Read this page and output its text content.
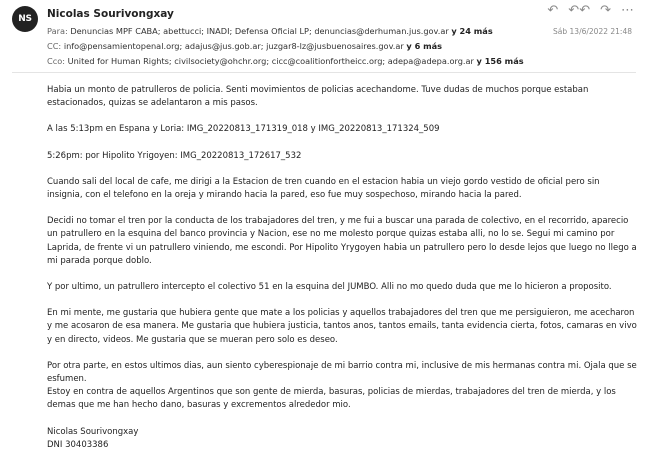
NS	Nicolas Sourivongxay	↶ ↶↶ ↷ ⋯
Sáb 13/6/2022 21:48
Para: Denuncias MPF CABA; abettucci; INADI; Defensa Oficial LP; denuncias@derhuman.jus.gov.ar y 24 más
CC: info@pensamientopenal.org; adajus@jus.gob.ar; juzgar8-lz@jusbuenosaires.gov.ar y 6 más
Cco: United for Human Rights; civilsociety@ohchr.org; cicc@coalitionfortheicc.org; adepa@adepa.org.ar y 156 más

Habia un monto de patrulleros de policia. Senti movimientos de policias acechandome. Tuve dudas de muchos porque estaban estacionados, quizas se adelantaron a mis pasos.

A las 5:13pm en Espana y Loria: IMG_20220813_171319_018 y IMG_20220813_171324_509

5:26pm: por Hipolito Yrigoyen: IMG_20220813_172617_532

Cuando sali del local de cafe, me dirigi a la Estacion de tren cuando en el estacion habia un viejo gordo vestido de oficial pero sin insignia, con el telefono en la oreja y mirando hacia la pared, eso fue muy sospechoso, mirando hacia la pared.

Decidi no tomar el tren por la conducta de los trabajadores del tren, y me fui a buscar una parada de colectivo, en el recorrido, aparecio un patrullero en la esquina del banco provincia y Nacion, ese no me molesto porque quizas estaba alli, no lo se. Segui mi camino por Laprida, de frente vi un patrullero viniendo, me escondi. Por Hipolito Yrygoyen habia un patrullero pero lo desde lejos que luego no llego a mi parada porque doblo.

Y por ultimo, un patrullero intercepto el colectivo 51 en la esquina del JUMBO. Alli no mo quedo duda que me lo hicieron a proposito.

En mi mente, me gustaria que hubiera gente que mate a los policias y aquellos trabajadores del tren que me persiguieron, me acecharon y me acosaron de esa manera. Me gustaria que hubiera justicia, tantos anos, tantos emails, tanta evidencia cierta, fotos, camaras en vivo y en directo, videos. Me gustaria que se mueran pero solo es deseo.

Por otra parte, en estos ultimos dias, aun siento cyberespionaje de mi barrio contra mi, inclusive de mis hermanas contra mi. Ojala que se esfumen.

Estoy en contra de aquellos Argentinos que son gente de mierda, basuras, policias de mierdas, trabajadores del tren de mierda, y los demas que me han hecho dano, basuras y excrementos alrededor mio.

Nicolas Sourivongxay

DNI 30403386
